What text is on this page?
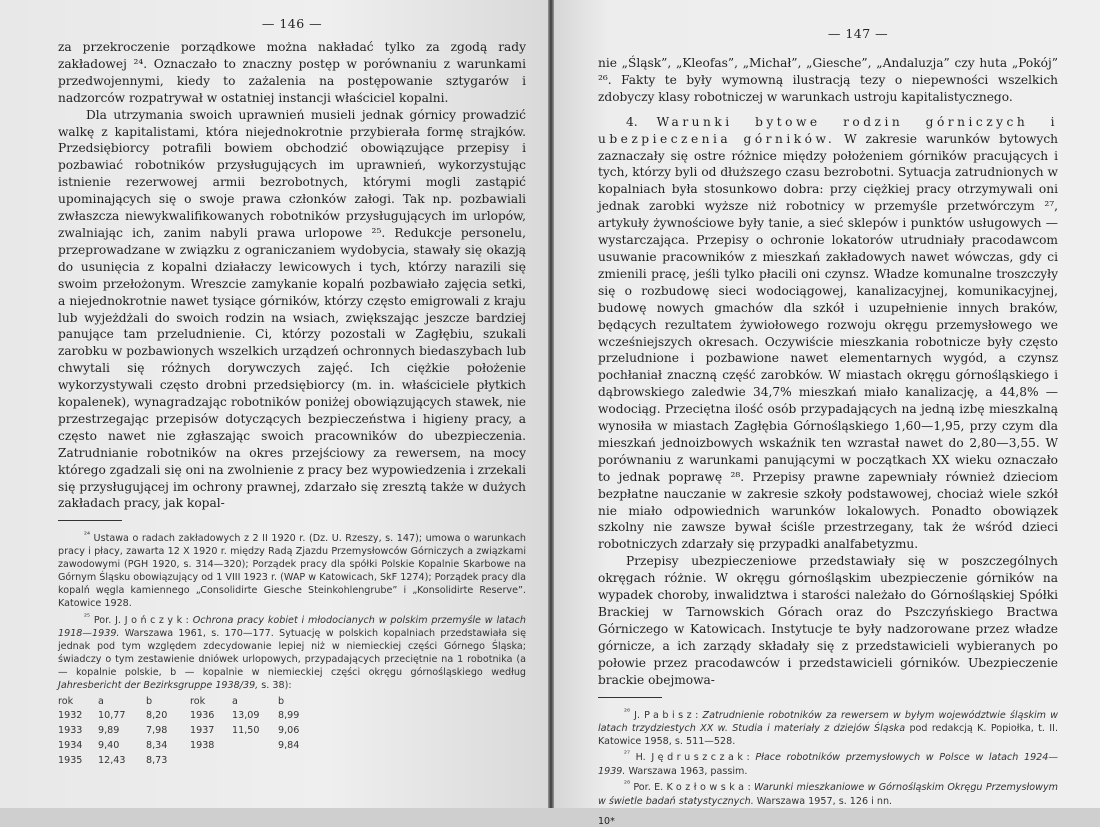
— 146 —

za przekroczenie porządkowe można nakładać tylko za zgodą rady zakładowej ²⁴. Oznaczało to znaczny postęp w porównaniu z warunkami przedwojennymi, kiedy to zażalenia na postępowanie sztygarów i nadzorców rozpatrywał w ostatniej instancji właściciel kopalni.

Dla utrzymania swoich uprawnień musieli jednak górnicy prowadzić walkę z kapitalistami, która niejednokrotnie przybierała formę strajków. Przedsiębiorcy potrafili bowiem obchodzić obowiązujące przepisy i pozbawiać robotników przysługujących im uprawnień, wykorzystując istnienie rezerwowej armii bezrobotnych, którymi mogli zastąpić upominających się o swoje prawa członków załogi. Tak np. pozbawiali zwłaszcza niewykwalifikowanych robotników przysługujących im urlopów, zwalniając ich, zanim nabyli prawa urlopowe ²⁵. Redukcje personelu, przeprowadzane w związku z ograniczaniem wydobycia, stawały się okazją do usunięcia z kopalni działaczy lewicowych i tych, którzy narazili się swoim przełożonym. Wreszcie zamykanie kopalń pozbawiało zajęcia setki, a niejednokrotnie nawet tysiące górników, którzy często emigrowali z kraju lub wyjeżdżali do swoich rodzin na wsiach, zwiększając jeszcze bardziej panujące tam przeludnienie. Ci, którzy pozostali w Zagłębiu, szukali zarobku w pozbawionych wszelkich urządzeń ochronnych biedaszybach lub chwytali się różnych dorywczych zajęć. Ich ciężkie położenie wykorzystywali często drobni przedsiębiorcy (m. in. właściciele płytkich kopalenek), wynagradzając robotników poniżej obowiązujących stawek, nie przestrzegając przepisów dotyczących bezpieczeństwa i higieny pracy, a często nawet nie zgłaszając swoich pracowników do ubezpieczenia. Zatrudnianie robotników na okres przejściowy za rewersem, na mocy którego zgadzali się oni na zwolnienie z pracy bez wypowiedzenia i zrzekali się przysługującej im ochrony prawnej, zdarzało się zresztą także w dużych zakładach pracy, jak kopal-

$^{^{24}}$ Ustawa o radach zakładowych z 2 II 1920 r. (Dz. U. Rzeszy, s. 147); umowa o warunkach pracy i płacy, zawarta 12 X 1920 r. między Radą Zjazdu Przemysłowców Górniczych a związkami zawodowymi (PGH 1920, s. 314—320); Porządek pracy dla spółki Polskie Kopalnie Skarbowe na Górnym Śląsku obowiązujący od 1 VIII 1923 r. (WAP w Katowicach, SkF 1274); Porządek pracy dla kopalń węgla kamiennego „Consolidirte Giesche Steinkohlengrube” i „Konsolidirte Reserve”. Katowice 1928.

$^{^{25}}$ Por. J. Jończyk: Ochrona pracy kobiet i młodocianych w polskim przemyśle w latach 1918—1939. Warszawa 1961, s. 170—177. Sytuację w polskich kopalniach przedstawiała się jednak pod tym względem zdecydowanie lepiej niż w niemieckiej części Górnego Śląska; świadczy o tym zestawienie dniówek urlopowych, przypadających przeciętnie na 1 robotnika (a — kopalnie polskie, b — kopalnie w niemieckiej części okręgu górnośląskiego według Jahresbericht der Bezirksgruppe 1938/39, s. 38):

rok	a	b	rok	a	b
1932	10,77	8,20	1936	13,09	8,99
1933	9,89	7,98	1937	11,50	9,06
1934	9,40	8,34	1938		9,84
1935	12,43	8,73			
— 147 —

nie „Śląsk”, „Kleofas”, „Michał”, „Giesche”, „Andaluzja” czy huta „Pokój” ²⁶. Fakty te były wymowną ilustracją tezy o niepewności wszelkich zdobyczy klasy robotniczej w warunkach ustroju kapitalistycznego.

4. Warunki bytowe rodzin górniczych i ubezpieczenia górników. W zakresie warunków bytowych zaznaczały się ostre różnice między położeniem górników pracujących i tych, którzy byli od dłuższego czasu bezrobotni. Sytuacja zatrudnionych w kopalniach była stosunkowo dobra: przy ciężkiej pracy otrzymywali oni jednak zarobki wyższe niż robotnicy w przemyśle przetwórczym ²⁷, artykuły żywnościowe były tanie, a sieć sklepów i punktów usługowych — wystarczająca. Przepisy o ochronie lokatorów utrudniały pracodawcom usuwanie pracowników z mieszkań zakładowych nawet wówczas, gdy ci zmienili pracę, jeśli tylko płacili oni czynsz. Władze komunalne troszczyły się o rozbudowę sieci wodociągowej, kanalizacyjnej, komunikacyjnej, budowę nowych gmachów dla szkół i uzupełnienie innych braków, będących rezultatem żywiołowego rozwoju okręgu przemysłowego we wcześniejszych okresach. Oczywiście mieszkania robotnicze były często przeludnione i pozbawione nawet elementarnych wygód, a czynsz pochłaniał znaczną część zarobków. W miastach okręgu górnośląskiego i dąbrowskiego zaledwie 34,7% mieszkań miało kanalizację, a 44,8% — wodociąg. Przeciętna ilość osób przypadających na jedną izbę mieszkalną wynosiła w miastach Zagłębia Górnośląskiego 1,60—1,95, przy czym dla mieszkań jednoizbowych wskaźnik ten wzrastał nawet do 2,80—3,55. W porównaniu z warunkami panującymi w początkach XX wieku oznaczało to jednak poprawę ²⁸. Przepisy prawne zapewniały również dzieciom bezpłatne nauczanie w zakresie szkoły podstawowej, chociaż wiele szkół nie miało odpowiednich warunków lokalowych. Ponadto obowiązek szkolny nie zawsze bywał ściśle przestrzegany, tak że wśród dzieci robotniczych zdarzały się przypadki analfabetyzmu.

Przepisy ubezpieczeniowe przedstawiały się w poszczególnych okręgach różnie. W okręgu górnośląskim ubezpieczenie górników na wypadek choroby, inwalidztwa i starości należało do Górnośląskiej Spółki Brackiej w Tarnowskich Górach oraz do Pszczyńskiego Bractwa Górniczego w Katowicach. Instytucje te były nadzorowane przez władze górnicze, a ich zarządy składały się z przedstawicieli wybieranych po połowie przez pracodawców i przedstawicieli górników. Ubezpieczenie brackie obejmowa-

$^{^{26}}$ J. Pabisz: Zatrudnienie robotników za rewersem w byłym województwie śląskim w latach trzydziestych XX w. Studia i materiały z dziejów Śląska pod redakcją K. Popiołka, t. II. Katowice 1958, s. 511—528.

$^{^{27}}$ H. Jędruszczak: Płace robotników przemysłowych w Polsce w latach 1924—1939. Warszawa 1963, passim.

$^{^{28}}$ Por. E. Kozłowska: Warunki mieszkaniowe w Górnośląskim Okręgu Przemysłowym w świetle badań statystycznych. Warszawa 1957, s. 126 i nn.

10*
